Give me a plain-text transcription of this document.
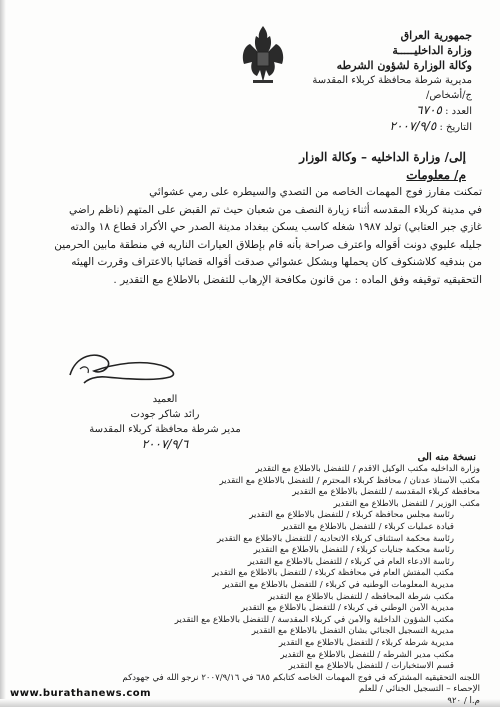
جمهورية العراق
وزارة الداخليـــــة
وكالة الوزارة لشؤون الشرطه
مديرية شرطة محافظة كربلاء المقدسة
ج/أشخاص/
العدد : ٦٧٠٥
التاريخ : ٢٠٠٧/٩/٥
إلى/ وزارة الداخليه – وكالة الوزار
م/ معلومات
تمكنت مفارز فوج المهمات الخاصه من التصدي والسيطره على رمي عشوائي
في مدينة كربلاء المقدسه أثناء زيارة النصف من شعبان حيث تم القبض على المتهم (ناظم راضي
غازي جبر العتابي) تولد ١٩٨٧ شغله كاسب يسكن ببغداد مدينة الصدر حي الأكراد قطاع ١٨ والدته
جليله عليوي دونت أقواله واعترف صراحة بأنه قام بإطلاق العيارات الناريه في منطقة مابين الحرمين
من بندقيه كلاشنكوف كان يحملها وبشكل عشوائي صدقت أقواله قضائيا بالاعتراف وقررت الهيئه
التحقيقيه توقيفه وفق الماده : من قانون مكافحة الإرهاب للتفضل بالاطلاع مع التقدير .
العميد
رائد شاكر جودت
مدير شرطة محافظة كربلاء المقدسة
٢٠٠٧/٩/٦
نسخة منه الى
وزارة الداخليه مكتب الوكيل الاقدم / للتفضل بالاطلاع مع التقدير
مكتب الأستاذ عدنان / محافظ كربلاء المحترم / للتفضل بالاطلاع مع التقدير
محافظة كربلاء المقدسه / للتفضل بالاطلاع مع التقدير
مكتب الوزير / للتفضل بالاطلاع مع التقدير
رئاسة مجلس محافظة كربلاء / للتفضل بالاطلاع مع التقدير
قيادة عمليات كربلاء / للتفضل بالاطلاع مع التقدير
رئاسة محكمة استئناف كربلاء الاتحاديه / للتفضل بالاطلاع مع التقدير
رئاسة محكمة جنايات كربلاء / للتفضل بالاطلاع مع التقدير
رئاسة الادعاء العام في كربلاء / للتفضل بالاطلاع مع التقدير
مكتب المفتش العام في محافظة كربلاء / للتفضل بالاطلاع مع التقدير
مديرية المعلومات الوطنيه في كربلاء / للتفضل بالاطلاع مع التقدير
مكتب شرطة المحافظه / للتفضل بالاطلاع مع التقدير
مديرية الأمن الوطني في كربلاء / للتفضل بالاطلاع مع التقدير
مكتب الشؤون الداخلية والأمن في كربلاء المقدسة / للتفضل بالاطلاع مع التقدير
مديرية التسجيل الجنائي بشأن التفضل بالاطلاع مع التقدير
مديرية شرطة كربلاء / للتفضل بالاطلاع مع التقدير
مكتب مدير الشرطه / للتفضل بالاطلاع مع التقدير
قسم الاستخبارات / للتفضل بالاطلاع مع التقدير
اللجنه التحقيقيه المشتركه في فوج المهمات الخاصه كتابكم ٦٨٥ في ٢٠٠٧/٩/١٦ نرجو الله في جهودكم
الإحصاء – التسجيل الجنائي / للعلم
م.أ / ٩٢٠
www.burathanews.com
